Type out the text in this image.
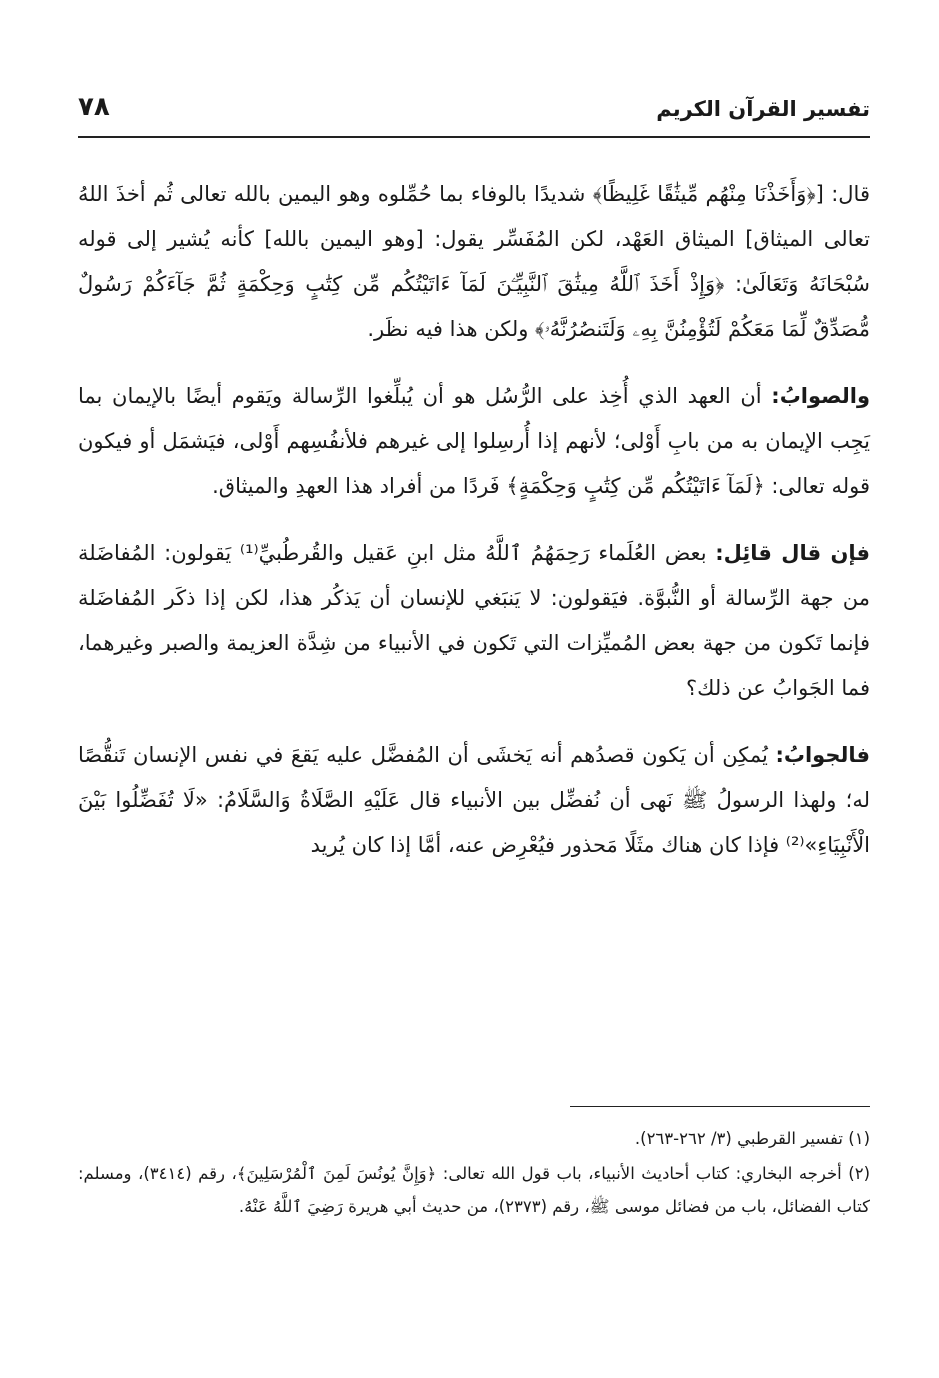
تفسير القرآن الكريم
٧٨

قال: [﴿وَأَخَذْنَا مِنْهُم مِّيثَٰقًا غَلِيظًا﴾ شديدًا بالوفاء بما حُمِّلوه وهو اليمين بالله تعالى ثُم أخذَ اللهُ تعالى الميثاق] الميثاق العَهْد، لكن المُفَسِّر يقول: [وهو اليمين بالله] كأنه يُشير إلى قوله سُبْحَانَهُ وَتَعَالَىٰ: ﴿وَإِذْ أَخَذَ ٱللَّهُ مِيثَٰقَ ٱلنَّبِيِّـۧنَ لَمَآ ءَاتَيْتُكُم مِّن كِتَٰبٍ وَحِكْمَةٍ ثُمَّ جَآءَكُمْ رَسُولٌ مُّصَدِّقٌ لِّمَا مَعَكُمْ لَتُؤْمِنُنَّ بِهِۦ وَلَتَنصُرُنَّهُۥ﴾ ولكن هذا فيه نظَر.

والصوابُ: أن العهد الذي أُخِذ على الرُّسُل هو أن يُبلِّغوا الرِّسالة ويَقوم أيضًا بالإيمان بما يَجِب الإيمان به من بابِ أَوْلى؛ لأنهم إذا أُرسِلوا إلى غيرهم فلأنفُسِهم أَوْلى، فيَشمَل أو فيكون قوله تعالى: ﴿لَمَآ ءَاتَيْتُكُم مِّن كِتَٰبٍ وَحِكْمَةٍ﴾ فَردًا من أفراد هذا العهدِ والميثاق.

فإن قال قائِل: بعض العُلَماء رَحِمَهُمُ ٱللَّهُ مثل ابنِ عَقيل والقُرطُبيِّ⁽¹⁾ يَقولون: المُفاضَلة من جهة الرِّسالة أو النُّبوَّة. فيَقولون: لا يَنبَغي للإنسان أن يَذكُر هذا، لكن إذا ذكَر المُفاضَلة فإنما تَكون من جهة بعض المُميِّزات التي تَكون في الأنبياء من شِدَّة العزيمة والصبر وغيرهما، فما الجَوابُ عن ذلك؟

فالجوابُ: يُمكِن أن يَكون قصدُهم أنه يَخشَى أن المُفضَّل عليه يَقعَ في نفس الإنسان تَنقُّصًا له؛ ولهذا الرسولُ ﷺ نَهى أن نُفضِّل بين الأنبياء قال عَلَيْهِ الصَّلَاةُ وَالسَّلَامُ: «لَا تُفَضِّلُوا بَيْنَ الْأَنْبِيَاءِ»⁽²⁾ فإذا كان هناك مثَلًا مَحذور فيُعْرِض عنه، أمَّا إذا كان يُريد

(١) تفسير القرطبي (٣/ ٢٦٢-٢٦٣).

(٢) أخرجه البخاري: كتاب أحاديث الأنبياء، باب قول الله تعالى: ﴿وَإِنَّ يُونُسَ لَمِنَ ٱلْمُرْسَلِينَ﴾، رقم (٣٤١٤)، ومسلم: كتاب الفضائل، باب من فضائل موسى ﷺ، رقم (٢٣٧٣)، من حديث أبي هريرة رَضِيَ ٱللَّهُ عَنْهُ.
